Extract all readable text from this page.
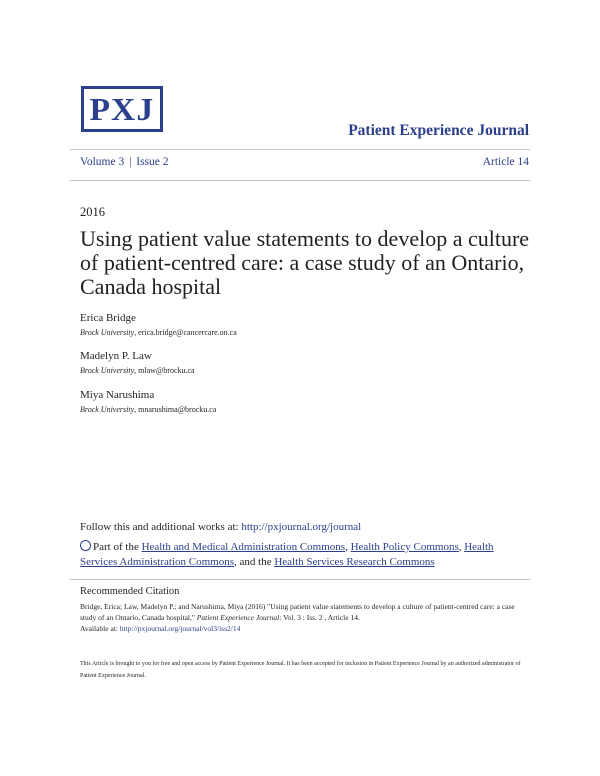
PXJ
Patient Experience Journal
Volume 3 | Issue 2	Article 14
2016
Using patient value statements to develop a culture of patient-centred care: a case study of an Ontario, Canada hospital
Erica Bridge
Brock University, erica.bridge@cancercare.on.ca
Madelyn P. Law
Brock University, mlaw@brocku.ca
Miya Narushima
Brock University, mnarushima@brocku.ca
Follow this and additional works at: http://pxjournal.org/journal
Part of the Health and Medical Administration Commons, Health Policy Commons, Health Services Administration Commons, and the Health Services Research Commons
Recommended Citation
Bridge, Erica; Law, Madelyn P.; and Narushima, Miya (2016) "Using patient value statements to develop a culture of patient-centred care: a case study of an Ontario, Canada hospital," Patient Experience Journal: Vol. 3 : Iss. 2 , Article 14.
Available at: http://pxjournal.org/journal/vol3/iss2/14
This Article is brought to you for free and open access by Patient Experience Journal. It has been accepted for inclusion in Patient Experience Journal by an authorized administrator of Patient Experience Journal.
